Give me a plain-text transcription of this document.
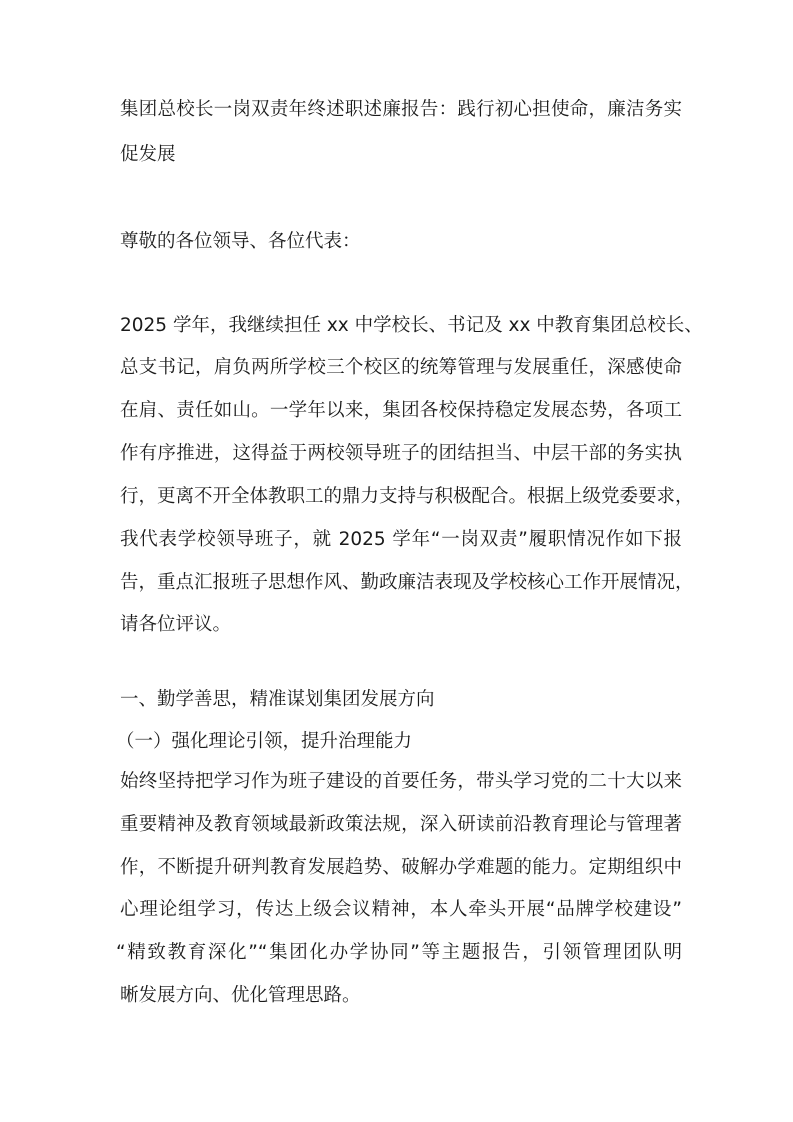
集团总校长一岗双责年终述职述廉报告：践行初心担使命，廉洁务实
促发展
尊敬的各位领导、各位代表：
2025 学年，我继续担任 xx 中学校长、书记及 xx 中教育集团总校长、
总支书记，肩负两所学校三个校区的统筹管理与发展重任，深感使命
在肩、责任如山。一学年以来，集团各校保持稳定发展态势，各项工
作有序推进，这得益于两校领导班子的团结担当、中层干部的务实执
行，更离不开全体教职工的鼎力支持与积极配合。根据上级党委要求，
我代表学校领导班子，就 2025 学年“一岗双责”履职情况作如下报
告，重点汇报班子思想作风、勤政廉洁表现及学校核心工作开展情况，
请各位评议。
一、勤学善思，精准谋划集团发展方向
（一）强化理论引领，提升治理能力
始终坚持把学习作为班子建设的首要任务，带头学习党的二十大以来
重要精神及教育领域最新政策法规，深入研读前沿教育理论与管理著
作，不断提升研判教育发展趋势、破解办学难题的能力。定期组织中
心理论组学习，传达上级会议精神，本人牵头开展“品牌学校建设”
“精致教育深化”“集团化办学协同”等主题报告，引领管理团队明
晰发展方向、优化管理思路。
